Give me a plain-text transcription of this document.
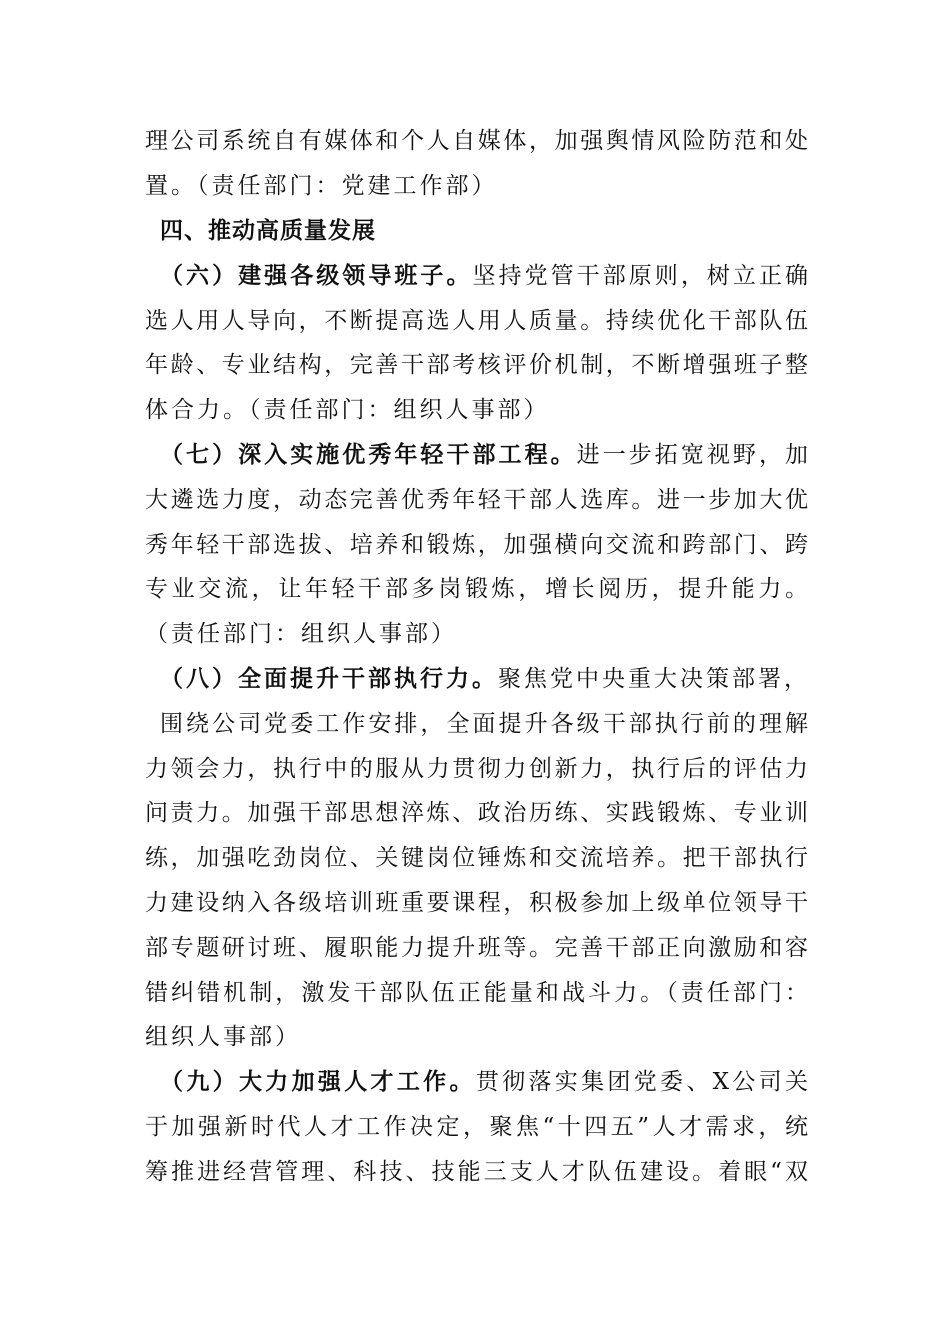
理公司系统自有媒体和个人自媒体，加强舆情风险防范和处
置。（责任部门：党建工作部）
四、推动高质量发展
（六）建强各级领导班子。坚持党管干部原则，树立正确
选人用人导向，不断提高选人用人质量。持续优化干部队伍
年龄、专业结构，完善干部考核评价机制，不断增强班子整
体合力。（责任部门：组织人事部）
（七）深入实施优秀年轻干部工程。进一步拓宽视野，加
大遴选力度，动态完善优秀年轻干部人选库。进一步加大优
秀年轻干部选拔、培养和锻炼，加强横向交流和跨部门、跨
专业交流，让年轻干部多岗锻炼，增长阅历，提升能力。
（责任部门：组织人事部）
（八）全面提升干部执行力。聚焦党中央重大决策部署，
围绕公司党委工作安排，全面提升各级干部执行前的理解
力领会力，执行中的服从力贯彻力创新力，执行后的评估力
问责力。加强干部思想淬炼、政治历练、实践锻炼、专业训
练，加强吃劲岗位、关键岗位锤炼和交流培养。把干部执行
力建设纳入各级培训班重要课程，积极参加上级单位领导干
部专题研讨班、履职能力提升班等。完善干部正向激励和容
错纠错机制，激发干部队伍正能量和战斗力。（责任部门：
组织人事部）
（九）大力加强人才工作。贯彻落实集团党委、X公司关
于加强新时代人才工作决定，聚焦“十四五”人才需求，统
筹推进经营管理、科技、技能三支人才队伍建设。着眼“双
